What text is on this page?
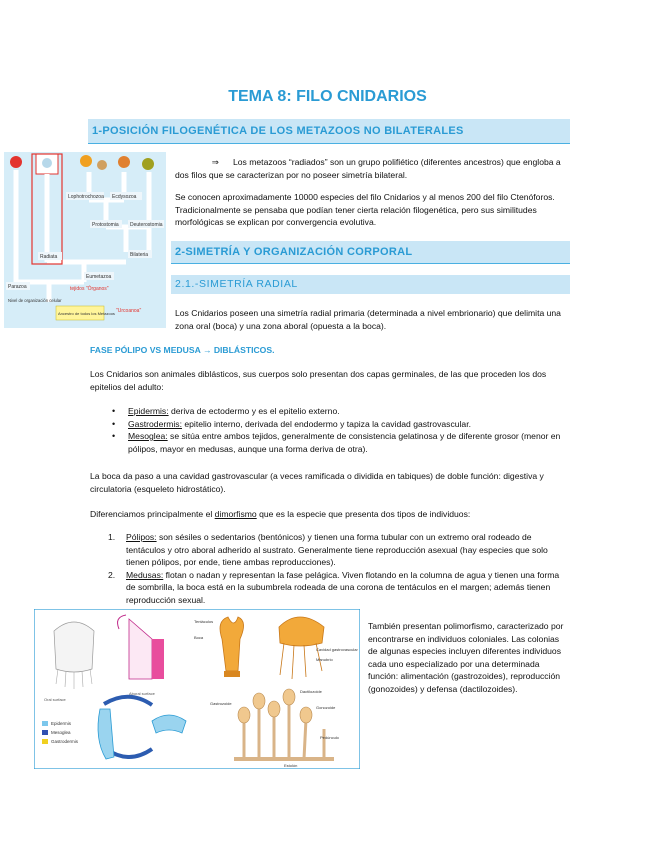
TEMA 8: FILO CNIDARIOS
1-POSICIÓN FILOGENÉTICA DE LOS METAZOOS NO BILATERALES
Lophotrochozoa Ecdysozoa
Protostomia Deuterostomia
Radiata	Bilateria
Eumetazoa
Parazoa	tejidos "Órganos"
Nivel de organización celular
Ancestro de todos los Metazoos "Urcoanoa"

⇒ Los metazoos “radiados” son un grupo polifiético (diferentes ancestros) que engloba a dos filos que se caracterizan por no poseer simetría bilateral.

Se conocen aproximadamente 10000 especies del filo Cnidarios y al menos 200 del filo Ctenóforos. Tradicionalmente se pensaba que podían tener cierta relación filogenética, pero sus similitudes morfológicas se explican por convergencia evolutiva.

2-SIMETRÍA Y ORGANIZACIÓN CORPORAL
2.1.-SIMETRÍA RADIAL

Los Cnidarios poseen una simetría radial primaria (determinada a nivel embrionario) que delimita una zona oral (boca) y una zona aboral (opuesta a la boca).

FASE PÓLIPO VS MEDUSA → DIBLÁSTICOS.

Los Cnidarios son animales diblásticos, sus cuerpos solo presentan dos capas germinales, de las que proceden los dos epitelios del adulto:

• Epidermis: deriva de ectodermo y es el epitelio externo.
• Gastrodermis: epitelio interno, derivada del endodermo y tapiza la cavidad gastrovascular.
• Mesoglea: se sitúa entre ambos tejidos, generalmente de consistencia gelatinosa y de diferente grosor (menor en pólipos, mayor en medusas, aunque una forma deriva de otra).

La boca da paso a una cavidad gastrovascular (a veces ramificada o dividida en tabiques) de doble función: digestiva y circulatoria (esqueleto hidrostático).

Diferenciamos principalmente el dimorfismo que es la especie que presenta dos tipos de individuos:

1. Pólipos: son sésiles o sedentarios (bentónicos) y tienen una forma tubular con un extremo oral rodeado de tentáculos y otro aboral adherido al sustrato. Generalmente tiene reproducción asexual (hay especies que solo tienen pólipos, por ende, tiene ambas reproducciones).
2. Medusas: flotan o nadan y representan la fase pelágica. Viven flotando en la columna de agua y tienen una forma de sombrilla, la boca está en la subumbrela rodeada de una corona de tentáculos en el margen; además tienen reproducción sexual.
Oral surface
Aboral surface
Epidermis
Mesoglea
Gastrodermis
Tentáculos
Boca
Cavidad gastrovascular
Manubrio
Gastrozoide
Dactilozoide
Gonozoide
Pedúnculo
Estolón

También presentan polimorfismo, caracterizado por encontrarse en individuos coloniales. Las colonias de algunas especies incluyen diferentes individuos cada uno especializado por una determinada función: alimentación (gastrozoides), reproducción (gonozoides) y defensa (dactilozoides).
